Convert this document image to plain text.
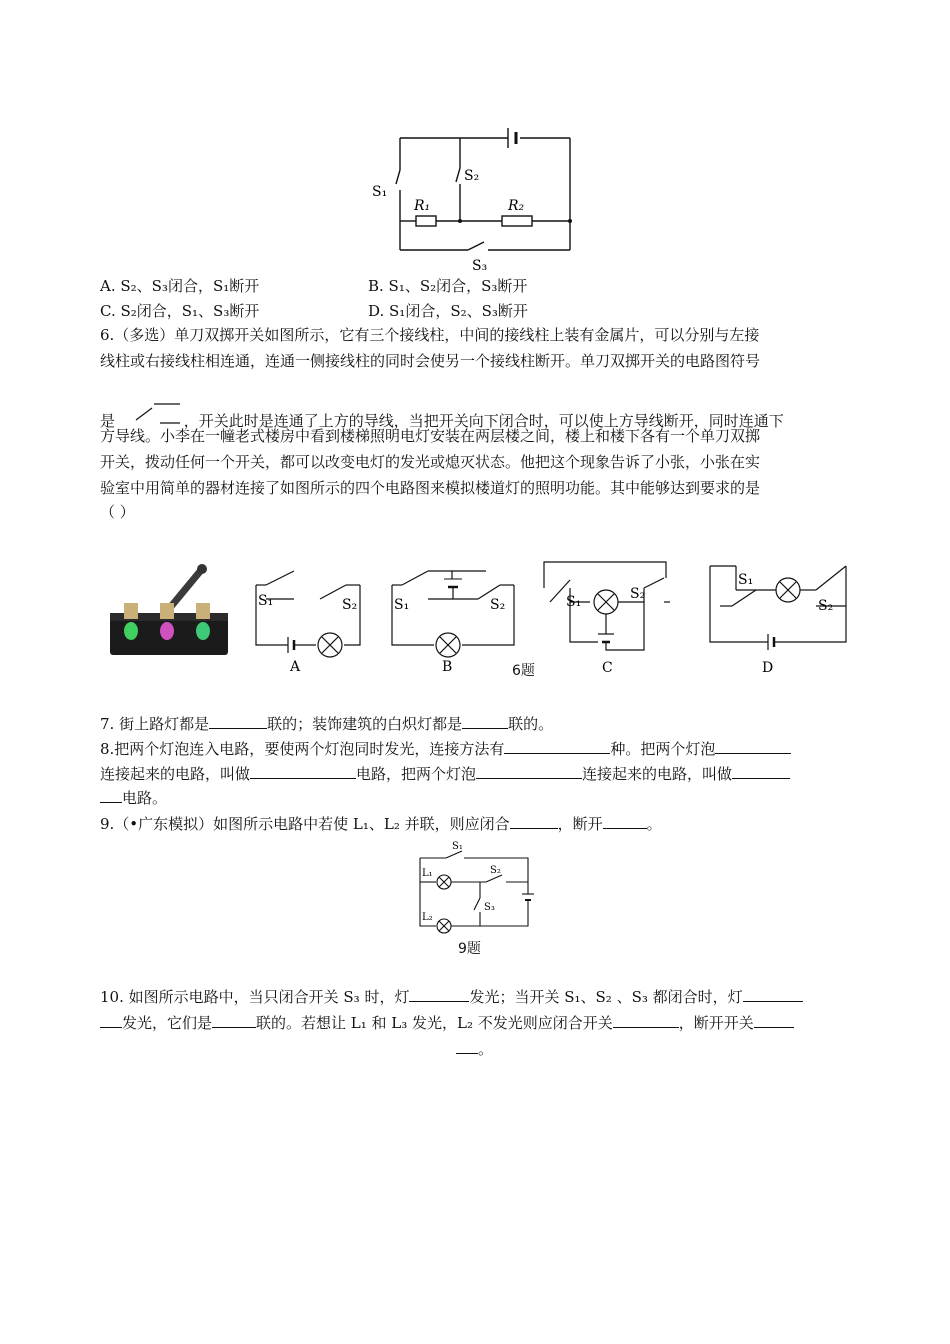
S₁
S₂
R₁	R₂
S₃
A. S₂、S₃闭合，S₁断开	B. S₁、S₂闭合，S₃断开
C. S₂闭合，S₁、S₃断开	D. S₁闭合，S₂、S₃断开
6.（多选）单刀双掷开关如图所示，它有三个接线柱，中间的接线柱上装有金属片，可以分别与左接
线柱或右接线柱相连通，连通一侧接线柱的同时会使另一个接线柱断开。单刀双掷开关的电路图符号
是	，开关此时是连通了上方的导线，当把开关向下闭合时，可以使上方导线断开，同时连通下
方导线。小李在一幢老式楼房中看到楼梯照明电灯安装在两层楼之间，楼上和楼下各有一个单刀双掷
开关，拨动任何一个开关，都可以改变电灯的发光或熄灭状态。他把这个现象告诉了小张，小张在实
验室中用简单的器材连接了如图所示的四个电路图来模拟楼道灯的照明功能。其中能够达到要求的是
（ ）
S₁	S₂
A
S₁	S₂
B
S₁	S₂
C
S₁
S₂
D
6题
7. 街上路灯都是	联的；装饰建筑的白炽灯都是	联的。
8.把两个灯泡连入电路，要使两个灯泡同时发光，连接方法有	种。把两个灯泡
连接起来的电路，叫做	电路，把两个灯泡	连接起来的电路，叫做
电路。
9.（•广东模拟）如图所示电路中若使 L₁、L₂ 并联，则应闭合	，断开	。
S₁
S₂
S₃
L₁
L₂
9题
10. 如图所示电路中，当只闭合开关 S₃ 时，灯	发光；当开关 S₁、S₂ 、S₃ 都闭合时，灯
发光，它们是	联的。若想让 L₁ 和 L₃ 发光，L₂ 不发光则应闭合开关	，断开开关
。
